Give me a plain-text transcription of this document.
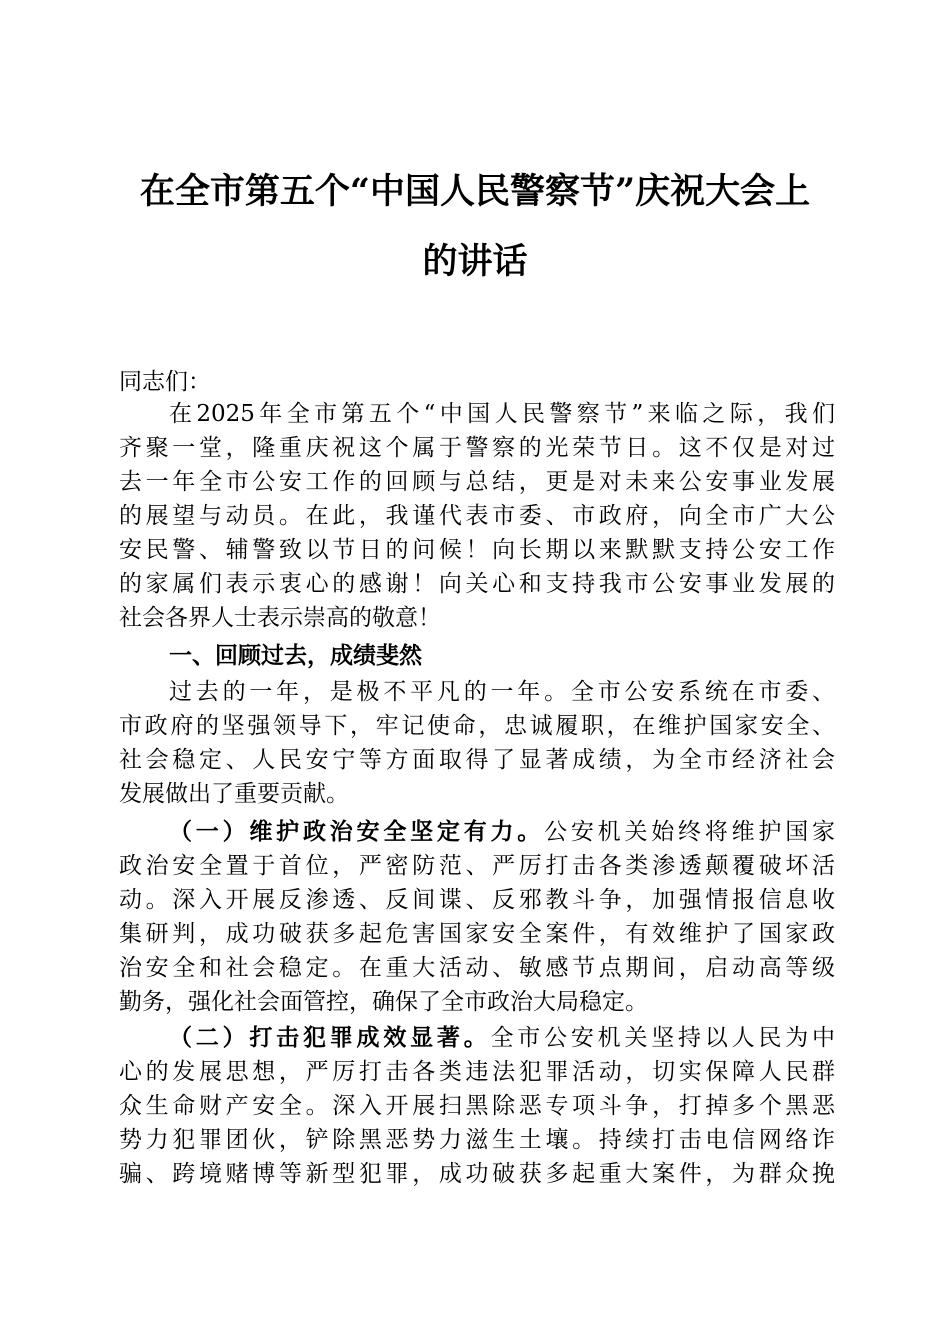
在全市第五个“中国人民警察节”庆祝大会上
的讲话
同志们：
在2025年全市第五个“中国人民警察节”来临之际，我们
齐聚一堂，隆重庆祝这个属于警察的光荣节日。这不仅是对过
去一年全市公安工作的回顾与总结，更是对未来公安事业发展
的展望与动员。在此，我谨代表市委、市政府，向全市广大公
安民警、辅警致以节日的问候！向长期以来默默支持公安工作
的家属们表示衷心的感谢！向关心和支持我市公安事业发展的
社会各界人士表示崇高的敬意！
一、回顾过去，成绩斐然
过去的一年，是极不平凡的一年。全市公安系统在市委、
市政府的坚强领导下，牢记使命，忠诚履职，在维护国家安全、
社会稳定、人民安宁等方面取得了显著成绩，为全市经济社会
发展做出了重要贡献。
（一）维护政治安全坚定有力。公安机关始终将维护国家
政治安全置于首位，严密防范、严厉打击各类渗透颠覆破坏活
动。深入开展反渗透、反间谍、反邪教斗争，加强情报信息收
集研判，成功破获多起危害国家安全案件，有效维护了国家政
治安全和社会稳定。在重大活动、敏感节点期间，启动高等级
勤务，强化社会面管控，确保了全市政治大局稳定。
（二）打击犯罪成效显著。全市公安机关坚持以人民为中
心的发展思想，严厉打击各类违法犯罪活动，切实保障人民群
众生命财产安全。深入开展扫黑除恶专项斗争，打掉多个黑恶
势力犯罪团伙，铲除黑恶势力滋生土壤。持续打击电信网络诈
骗、跨境赌博等新型犯罪，成功破获多起重大案件，为群众挽
